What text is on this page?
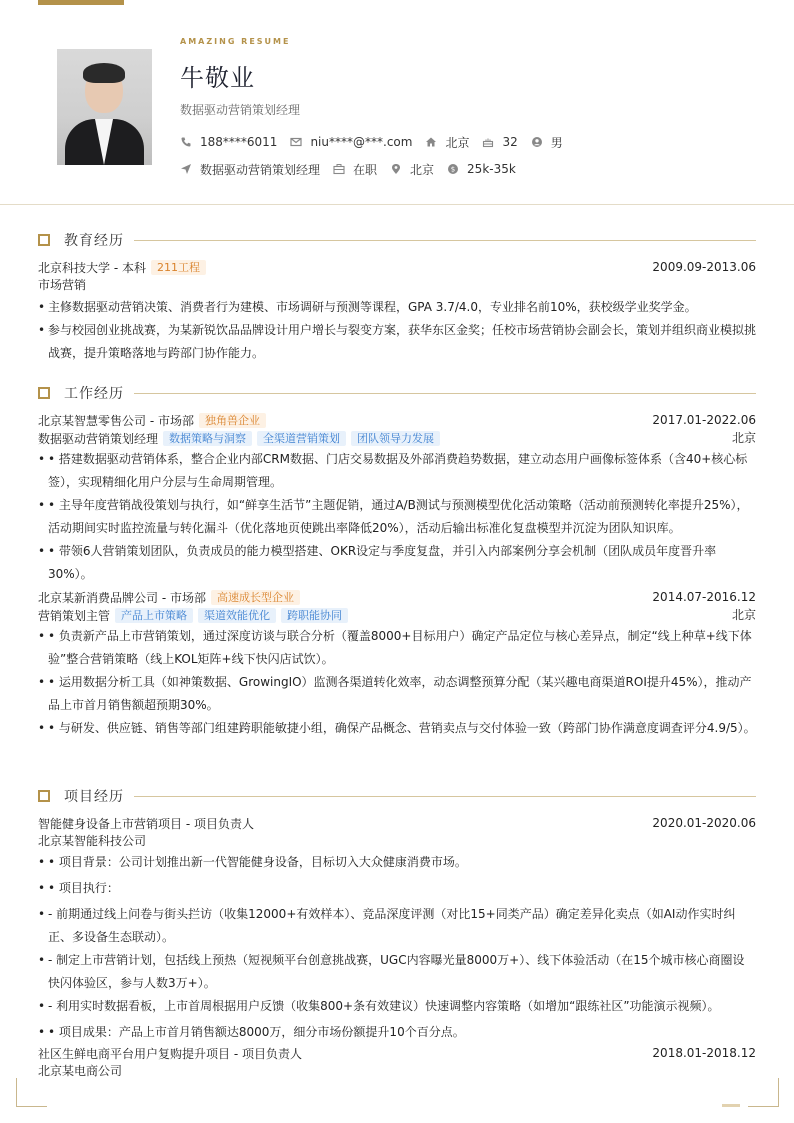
AMAZING RESUME
牛敬业
数据驱动营销策划经理
188****6011	niu****@***.com	北京	32	男
数据驱动营销策划经理	在职	北京 $ 25k-35k
教育经历
北京科技大学 - 本科	211工程	2009.09-2013.06
市场营销
• 主修数据驱动营销决策、消费者行为建模、市场调研与预测等课程，GPA 3.7/4.0，专业排名前10%，获校级学业奖学金。
• 参与校园创业挑战赛，为某新锐饮品品牌设计用户增长与裂变方案，获华东区金奖；任校市场营销协会副会长，策划并组织商业模拟挑战赛，提升策略落地与跨部门协作能力。
工作经历
北京某智慧零售公司 - 市场部	独角兽企业	2017.01-2022.06
数据驱动营销策划经理	数据策略与洞察	全渠道营销策划	团队领导力发展	北京
• • 搭建数据驱动营销体系，整合企业内部CRM数据、门店交易数据及外部消费趋势数据，建立动态用户画像标签体系（含40+核心标签），实现精细化用户分层与生命周期管理。
• • 主导年度营销战役策划与执行，如“鲜享生活节”主题促销，通过A/B测试与预测模型优化活动策略（活动前预测转化率提升25%），活动期间实时监控流量与转化漏斗（优化落地页使跳出率降低20%），活动后输出标准化复盘模型并沉淀为团队知识库。
• • 带领6人营销策划团队，负责成员的能力模型搭建、OKR设定与季度复盘，并引入内部案例分享会机制（团队成员年度晋升率30%）。
北京某新消费品牌公司 - 市场部	高速成长型企业	2014.07-2016.12
营销策划主管	产品上市策略	渠道效能优化	跨职能协同	北京
• • 负责新产品上市营销策划，通过深度访谈与联合分析（覆盖8000+目标用户）确定产品定位与核心差异点，制定“线上种草+线下体验”整合营销策略（线上KOL矩阵+线下快闪店试饮）。
• • 运用数据分析工具（如神策数据、GrowingIO）监测各渠道转化效率，动态调整预算分配（某兴趣电商渠道ROI提升45%），推动产品上市首月销售额超预期30%。
• • 与研发、供应链、销售等部门组建跨职能敏捷小组，确保产品概念、营销卖点与交付体验一致（跨部门协作满意度调查评分4.9/5）。
项目经历
智能健身设备上市营销项目 - 项目负责人	2020.01-2020.06
北京某智能科技公司
• • 项目背景：公司计划推出新一代智能健身设备，目标切入大众健康消费市场。
• • 项目执行：
• - 前期通过线上问卷与街头拦访（收集12000+有效样本）、竞品深度评测（对比15+同类产品）确定差异化卖点（如AI动作实时纠正、多设备生态联动）。
• - 制定上市营销计划，包括线上预热（短视频平台创意挑战赛，UGC内容曝光量8000万+）、线下体验活动（在15个城市核心商圈设快闪体验区，参与人数3万+）。
• - 利用实时数据看板，上市首周根据用户反馈（收集800+条有效建议）快速调整内容策略（如增加“跟练社区”功能演示视频）。
• • 项目成果：产品上市首月销售额达8000万，细分市场份额提升10个百分点。
社区生鲜电商平台用户复购提升项目 - 项目负责人	2018.01-2018.12
北京某电商公司
